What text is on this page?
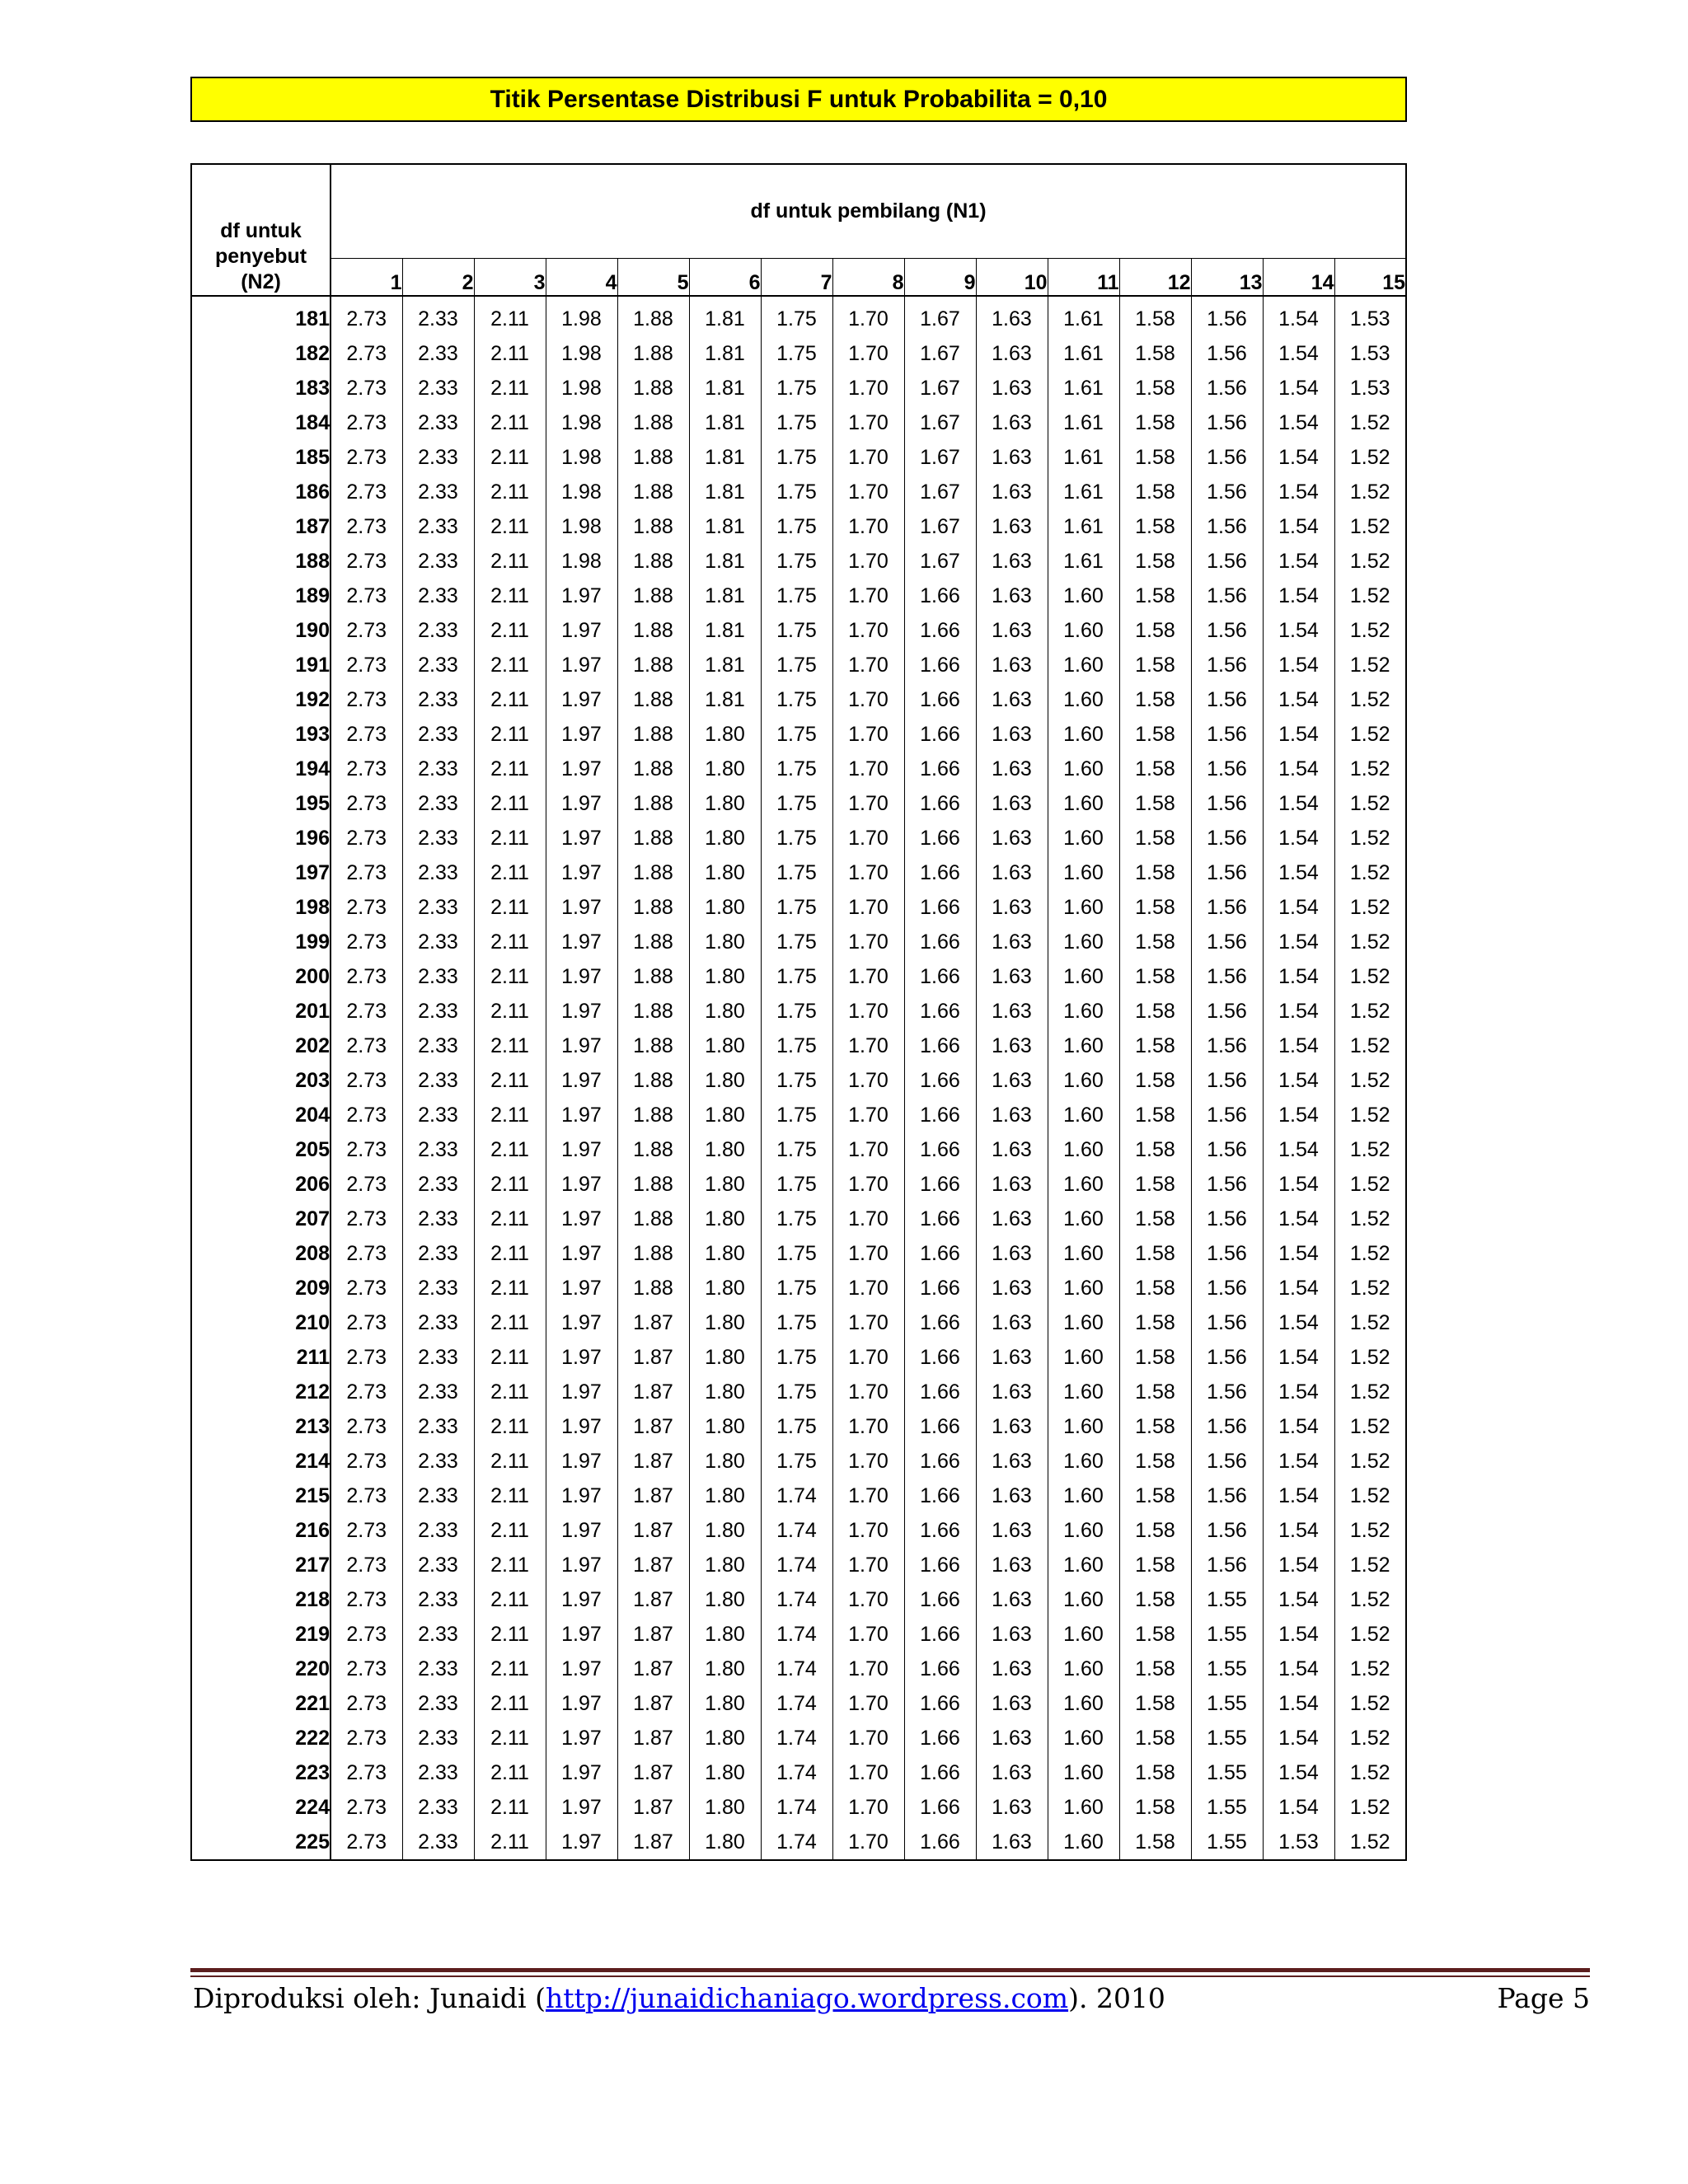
Titik Persentase Distribusi F untuk Probabilita = 0,10
df untuk
penyebut
(N2)	df untuk pembilang (N1)														
	1	2	3	4	5	6	7	8	9	10	11	12	13	14	15
181	2.73	2.33	2.11	1.98	1.88	1.81	1.75	1.70	1.67	1.63	1.61	1.58	1.56	1.54	1.53
182	2.73	2.33	2.11	1.98	1.88	1.81	1.75	1.70	1.67	1.63	1.61	1.58	1.56	1.54	1.53
183	2.73	2.33	2.11	1.98	1.88	1.81	1.75	1.70	1.67	1.63	1.61	1.58	1.56	1.54	1.53
184	2.73	2.33	2.11	1.98	1.88	1.81	1.75	1.70	1.67	1.63	1.61	1.58	1.56	1.54	1.52
185	2.73	2.33	2.11	1.98	1.88	1.81	1.75	1.70	1.67	1.63	1.61	1.58	1.56	1.54	1.52
186	2.73	2.33	2.11	1.98	1.88	1.81	1.75	1.70	1.67	1.63	1.61	1.58	1.56	1.54	1.52
187	2.73	2.33	2.11	1.98	1.88	1.81	1.75	1.70	1.67	1.63	1.61	1.58	1.56	1.54	1.52
188	2.73	2.33	2.11	1.98	1.88	1.81	1.75	1.70	1.67	1.63	1.61	1.58	1.56	1.54	1.52
189	2.73	2.33	2.11	1.97	1.88	1.81	1.75	1.70	1.66	1.63	1.60	1.58	1.56	1.54	1.52
190	2.73	2.33	2.11	1.97	1.88	1.81	1.75	1.70	1.66	1.63	1.60	1.58	1.56	1.54	1.52
191	2.73	2.33	2.11	1.97	1.88	1.81	1.75	1.70	1.66	1.63	1.60	1.58	1.56	1.54	1.52
192	2.73	2.33	2.11	1.97	1.88	1.81	1.75	1.70	1.66	1.63	1.60	1.58	1.56	1.54	1.52
193	2.73	2.33	2.11	1.97	1.88	1.80	1.75	1.70	1.66	1.63	1.60	1.58	1.56	1.54	1.52
194	2.73	2.33	2.11	1.97	1.88	1.80	1.75	1.70	1.66	1.63	1.60	1.58	1.56	1.54	1.52
195	2.73	2.33	2.11	1.97	1.88	1.80	1.75	1.70	1.66	1.63	1.60	1.58	1.56	1.54	1.52
196	2.73	2.33	2.11	1.97	1.88	1.80	1.75	1.70	1.66	1.63	1.60	1.58	1.56	1.54	1.52
197	2.73	2.33	2.11	1.97	1.88	1.80	1.75	1.70	1.66	1.63	1.60	1.58	1.56	1.54	1.52
198	2.73	2.33	2.11	1.97	1.88	1.80	1.75	1.70	1.66	1.63	1.60	1.58	1.56	1.54	1.52
199	2.73	2.33	2.11	1.97	1.88	1.80	1.75	1.70	1.66	1.63	1.60	1.58	1.56	1.54	1.52
200	2.73	2.33	2.11	1.97	1.88	1.80	1.75	1.70	1.66	1.63	1.60	1.58	1.56	1.54	1.52
201	2.73	2.33	2.11	1.97	1.88	1.80	1.75	1.70	1.66	1.63	1.60	1.58	1.56	1.54	1.52
202	2.73	2.33	2.11	1.97	1.88	1.80	1.75	1.70	1.66	1.63	1.60	1.58	1.56	1.54	1.52
203	2.73	2.33	2.11	1.97	1.88	1.80	1.75	1.70	1.66	1.63	1.60	1.58	1.56	1.54	1.52
204	2.73	2.33	2.11	1.97	1.88	1.80	1.75	1.70	1.66	1.63	1.60	1.58	1.56	1.54	1.52
205	2.73	2.33	2.11	1.97	1.88	1.80	1.75	1.70	1.66	1.63	1.60	1.58	1.56	1.54	1.52
206	2.73	2.33	2.11	1.97	1.88	1.80	1.75	1.70	1.66	1.63	1.60	1.58	1.56	1.54	1.52
207	2.73	2.33	2.11	1.97	1.88	1.80	1.75	1.70	1.66	1.63	1.60	1.58	1.56	1.54	1.52
208	2.73	2.33	2.11	1.97	1.88	1.80	1.75	1.70	1.66	1.63	1.60	1.58	1.56	1.54	1.52
209	2.73	2.33	2.11	1.97	1.88	1.80	1.75	1.70	1.66	1.63	1.60	1.58	1.56	1.54	1.52
210	2.73	2.33	2.11	1.97	1.87	1.80	1.75	1.70	1.66	1.63	1.60	1.58	1.56	1.54	1.52
211	2.73	2.33	2.11	1.97	1.87	1.80	1.75	1.70	1.66	1.63	1.60	1.58	1.56	1.54	1.52
212	2.73	2.33	2.11	1.97	1.87	1.80	1.75	1.70	1.66	1.63	1.60	1.58	1.56	1.54	1.52
213	2.73	2.33	2.11	1.97	1.87	1.80	1.75	1.70	1.66	1.63	1.60	1.58	1.56	1.54	1.52
214	2.73	2.33	2.11	1.97	1.87	1.80	1.75	1.70	1.66	1.63	1.60	1.58	1.56	1.54	1.52
215	2.73	2.33	2.11	1.97	1.87	1.80	1.74	1.70	1.66	1.63	1.60	1.58	1.56	1.54	1.52
216	2.73	2.33	2.11	1.97	1.87	1.80	1.74	1.70	1.66	1.63	1.60	1.58	1.56	1.54	1.52
217	2.73	2.33	2.11	1.97	1.87	1.80	1.74	1.70	1.66	1.63	1.60	1.58	1.56	1.54	1.52
218	2.73	2.33	2.11	1.97	1.87	1.80	1.74	1.70	1.66	1.63	1.60	1.58	1.55	1.54	1.52
219	2.73	2.33	2.11	1.97	1.87	1.80	1.74	1.70	1.66	1.63	1.60	1.58	1.55	1.54	1.52
220	2.73	2.33	2.11	1.97	1.87	1.80	1.74	1.70	1.66	1.63	1.60	1.58	1.55	1.54	1.52
221	2.73	2.33	2.11	1.97	1.87	1.80	1.74	1.70	1.66	1.63	1.60	1.58	1.55	1.54	1.52
222	2.73	2.33	2.11	1.97	1.87	1.80	1.74	1.70	1.66	1.63	1.60	1.58	1.55	1.54	1.52
223	2.73	2.33	2.11	1.97	1.87	1.80	1.74	1.70	1.66	1.63	1.60	1.58	1.55	1.54	1.52
224	2.73	2.33	2.11	1.97	1.87	1.80	1.74	1.70	1.66	1.63	1.60	1.58	1.55	1.54	1.52
225	2.73	2.33	2.11	1.97	1.87	1.80	1.74	1.70	1.66	1.63	1.60	1.58	1.55	1.53	1.52
Diproduksi oleh: Junaidi (http://junaidichaniago.wordpress.com). 2010	Page 5
